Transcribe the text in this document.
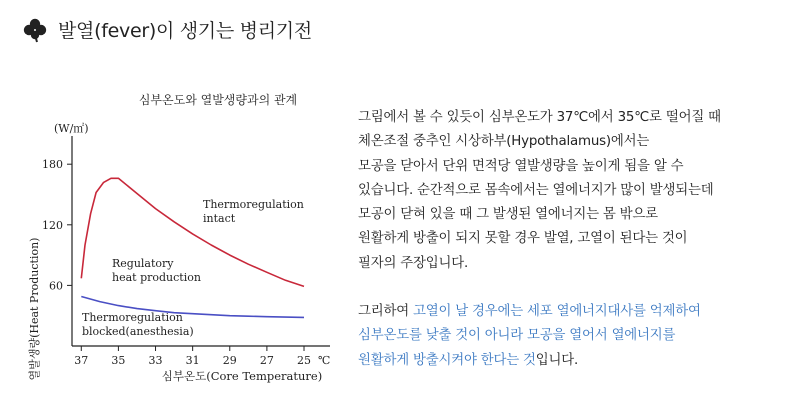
발열(fever)이 생기는 병리기전
심부온도와 열발생량과의 관계
(W/㎡)
열발생량(Heat Production)	심부온도(Core Temperature)
60
120
180
37 35 33 31 29 27 25 ℃
Thermoregulation intact
Regulatory heat production
Thermoregulation blocked(anesthesia)

그림에서 볼 수 있듯이 심부온도가 37℃에서 35℃로 떨어질 때
체온조절 중추인 시상하부(Hypothalamus)에서는
모공을 닫아서 단위 면적당 열발생량을 높이게 됨을 알 수
있습니다. 순간적으로 몸속에서는 열에너지가 많이 발생되는데
모공이 닫혀 있을 때 그 발생된 열에너지는 몸 밖으로
원활하게 방출이 되지 못할 경우 발열, 고열이 된다는 것이
필자의 주장입니다.

그리하여 고열이 날 경우에는 세포 열에너지대사를 억제하여
심부온도를 낮출 것이 아니라 모공을 열어서 열에너지를
원활하게 방출시켜야 한다는 것입니다.
